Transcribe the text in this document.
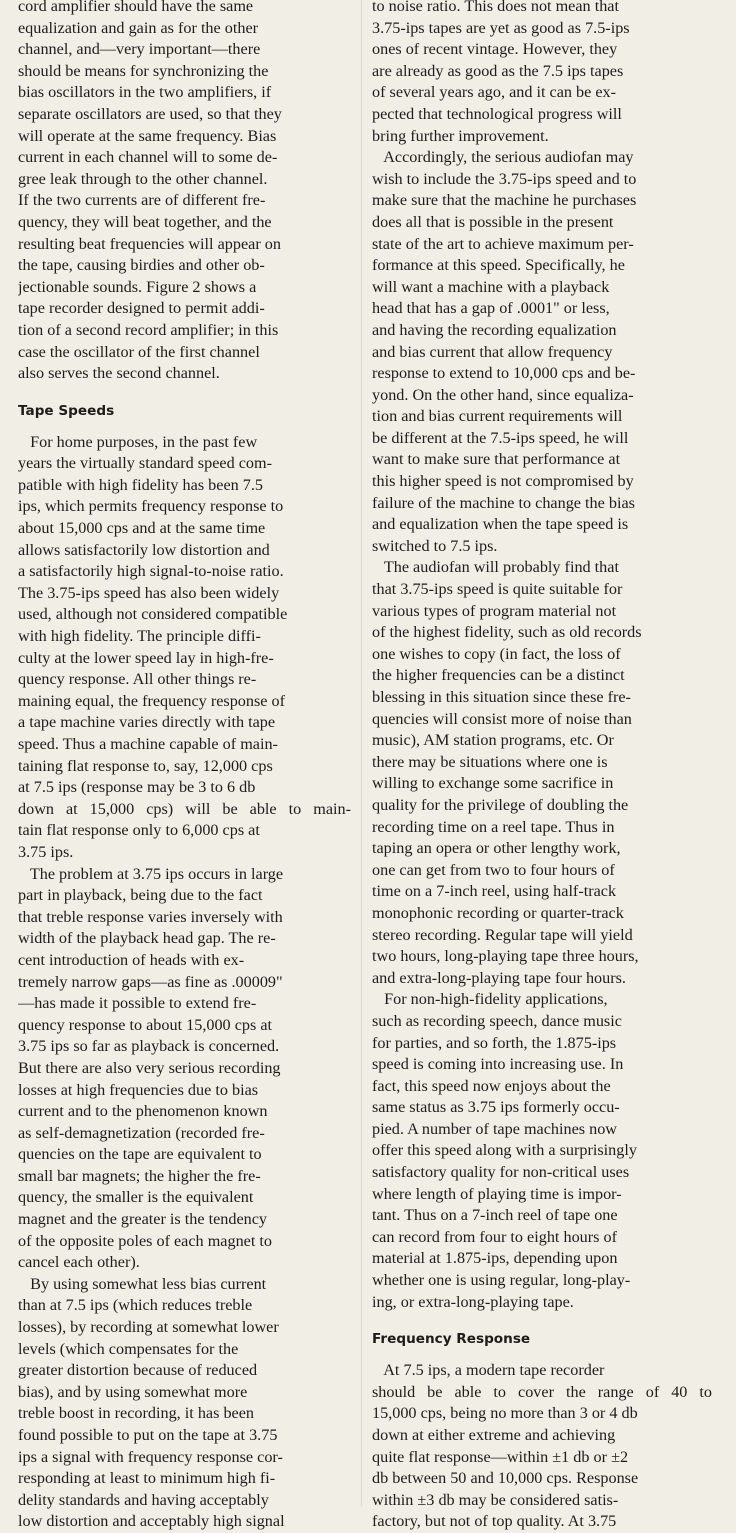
cord amplifier should have the same
equalization and gain as for the other
channel, and—very important—there
should be means for synchronizing the
bias oscillators in the two amplifiers, if
separate oscillators are used, so that they
will operate at the same frequency. Bias
current in each channel will to some de-
gree leak through to the other channel.
If the two currents are of different fre-
quency, they will beat together, and the
resulting beat frequencies will appear on
the tape, causing birdies and other ob-
jectionable sounds. Figure 2 shows a
tape recorder designed to permit addi-
tion of a second record amplifier; in this
case the oscillator of the first channel
also serves the second channel.
Tape Speeds
For home purposes, in the past few
years the virtually standard speed com-
patible with high fidelity has been 7.5
ips, which permits frequency response to
about 15,000 cps and at the same time
allows satisfactorily low distortion and
a satisfactorily high signal-to-noise ratio.
The 3.75-ips speed has also been widely
used, although not considered compatible
with high fidelity. The principle diffi-
culty at the lower speed lay in high-fre-
quency response. All other things re-
maining equal, the frequency response of
a tape machine varies directly with tape
speed. Thus a machine capable of main-
taining flat response to, say, 12,000 cps
at 7.5 ips (response may be 3 to 6 db
down at 15,000 cps) will be able to main-
tain flat response only to 6,000 cps at
3.75 ips.
The problem at 3.75 ips occurs in large
part in playback, being due to the fact
that treble response varies inversely with
width of the playback head gap. The re-
cent introduction of heads with ex-
tremely narrow gaps—as fine as .00009"
—has made it possible to extend fre-
quency response to about 15,000 cps at
3.75 ips so far as playback is concerned.
But there are also very serious recording
losses at high frequencies due to bias
current and to the phenomenon known
as self-demagnetization (recorded fre-
quencies on the tape are equivalent to
small bar magnets; the higher the fre-
quency, the smaller is the equivalent
magnet and the greater is the tendency
of the opposite poles of each magnet to
cancel each other).
By using somewhat less bias current
than at 7.5 ips (which reduces treble
losses), by recording at somewhat lower
levels (which compensates for the
greater distortion because of reduced
bias), and by using somewhat more
treble boost in recording, it has been
found possible to put on the tape at 3.75
ips a signal with frequency response cor-
responding at least to minimum high fi-
delity standards and having acceptably
low distortion and acceptably high signal
to noise ratio. This does not mean that
3.75-ips tapes are yet as good as 7.5-ips
ones of recent vintage. However, they
are already as good as the 7.5 ips tapes
of several years ago, and it can be ex-
pected that technological progress will
bring further improvement.
Accordingly, the serious audiofan may
wish to include the 3.75-ips speed and to
make sure that the machine he purchases
does all that is possible in the present
state of the art to achieve maximum per-
formance at this speed. Specifically, he
will want a machine with a playback
head that has a gap of .0001" or less,
and having the recording equalization
and bias current that allow frequency
response to extend to 10,000 cps and be-
yond. On the other hand, since equaliza-
tion and bias current requirements will
be different at the 7.5-ips speed, he will
want to make sure that performance at
this higher speed is not compromised by
failure of the machine to change the bias
and equalization when the tape speed is
switched to 7.5 ips.
The audiofan will probably find that
that 3.75-ips speed is quite suitable for
various types of program material not
of the highest fidelity, such as old records
one wishes to copy (in fact, the loss of
the higher frequencies can be a distinct
blessing in this situation since these fre-
quencies will consist more of noise than
music), AM station programs, etc. Or
there may be situations where one is
willing to exchange some sacrifice in
quality for the privilege of doubling the
recording time on a reel tape. Thus in
taping an opera or other lengthy work,
one can get from two to four hours of
time on a 7-inch reel, using half-track
monophonic recording or quarter-track
stereo recording. Regular tape will yield
two hours, long-playing tape three hours,
and extra-long-playing tape four hours.
For non-high-fidelity applications,
such as recording speech, dance music
for parties, and so forth, the 1.875-ips
speed is coming into increasing use. In
fact, this speed now enjoys about the
same status as 3.75 ips formerly occu-
pied. A number of tape machines now
offer this speed along with a surprisingly
satisfactory quality for non-critical uses
where length of playing time is impor-
tant. Thus on a 7-inch reel of tape one
can record from four to eight hours of
material at 1.875-ips, depending upon
whether one is using regular, long-play-
ing, or extra-long-playing tape.
Frequency Response
At 7.5 ips, a modern tape recorder
should be able to cover the range of 40 to
15,000 cps, being no more than 3 or 4 db
down at either extreme and achieving
quite flat response—within ±1 db or ±2
db between 50 and 10,000 cps. Response
within ±3 db may be considered satis-
factory, but not of top quality. At 3.75
